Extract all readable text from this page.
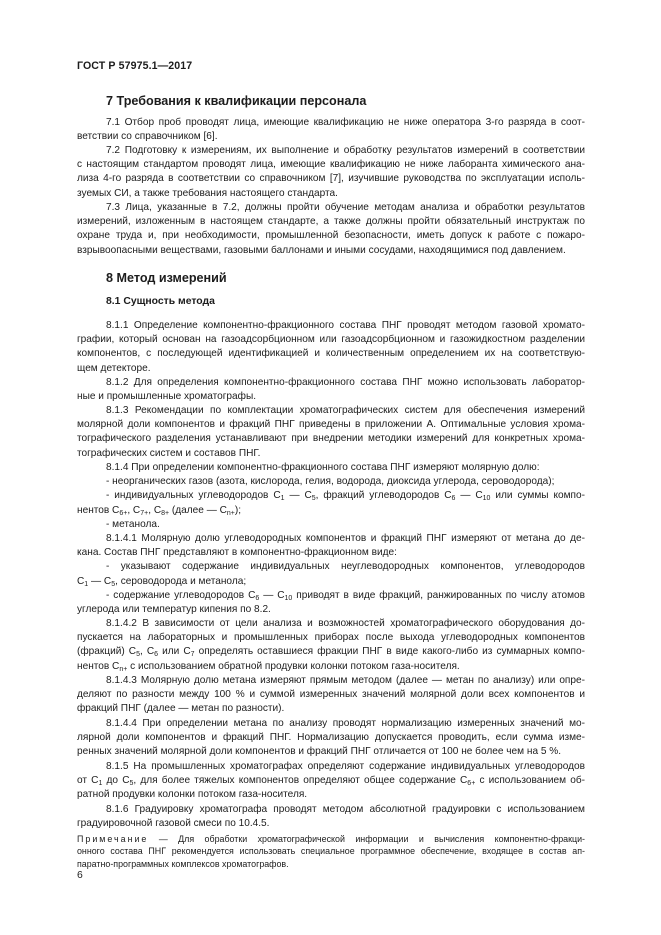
ГОСТ Р 57975.1—2017
7 Требования к квалификации персонала
7.1 Отбор проб проводят лица, имеющие квалификацию не ниже оператора 3-го разряда в соот-
ветствии со справочником [6].
7.2 Подготовку к измерениям, их выполнение и обработку результатов измерений в соответствии
с настоящим стандартом проводят лица, имеющие квалификацию не ниже лаборанта химического ана-
лиза 4-го разряда в соответствии со справочником [7], изучившие руководства по эксплуатации исполь-
зуемых СИ, а также требования настоящего стандарта.
7.3 Лица, указанные в 7.2, должны пройти обучение методам анализа и обработки результатов
измерений, изложенным в настоящем стандарте, а также должны пройти обязательный инструктаж по
охране труда и, при необходимости, промышленной безопасности, иметь допуск к работе с пожаро-
взрывоопасными веществами, газовыми баллонами и иными сосудами, находящимися под давлением.
8 Метод измерений
8.1 Сущность метода
8.1.1 Определение компонентно-фракционного состава ПНГ проводят методом газовой хромато-
графии, который основан на газоадсорбционном или газоадсорбционном и газожидкостном разделении
компонентов, с последующей идентификацией и количественным определением их на соответствую-
щем детекторе.
8.1.2 Для определения компонентно-фракционного состава ПНГ можно использовать лаборатор-
ные и промышленные хроматографы.
8.1.3 Рекомендации по комплектации хроматографических систем для обеспечения измерений
молярной доли компонентов и фракций ПНГ приведены в приложении А. Оптимальные условия хрома-
тографического разделения устанавливают при внедрении методики измерений для конкретных хрома-
тографических систем и составов ПНГ.
8.1.4 При определении компонентно-фракционного состава ПНГ измеряют молярную долю:
- неорганических газов (азота, кислорода, гелия, водорода, диоксида углерода, сероводорода);
- индивидуальных углеводородов $C_1$ — $C_5$, фракций углеводородов $C_6$ — $C_{10}$ или суммы компо-
нентов $C_{6+}$, $C_{7+}$, $C_{8+}$ (далее — $C_{n+}$);
- метанола.
8.1.4.1 Молярную долю углеводородных компонентов и фракций ПНГ измеряют от метана до де-
кана. Состав ПНГ представляют в компонентно-фракционном виде:
- указывают содержание индивидуальных неуглеводородных компонентов, углеводородов
$C_1$ — $C_5$, сероводорода и метанола;
- содержание углеводородов $C_6$ — $C_{10}$ приводят в виде фракций, ранжированных по числу атомов
углерода или температур кипения по 8.2.
8.1.4.2 В зависимости от цели анализа и возможностей хроматографического оборудования до-
пускается на лабораторных и промышленных приборах после выхода углеводородных компонентов
(фракций) $C_5$, $C_6$ или $C_7$ определять оставшиеся фракции ПНГ в виде какого-либо из суммарных компо-
нентов $C_{n+}$ с использованием обратной продувки колонки потоком газа-носителя.
8.1.4.3 Молярную долю метана измеряют прямым методом (далее — метан по анализу) или опре-
деляют по разности между 100 % и суммой измеренных значений молярной доли всех компонентов и
фракций ПНГ (далее — метан по разности).
8.1.4.4 При определении метана по анализу проводят нормализацию измеренных значений мо-
лярной доли компонентов и фракций ПНГ. Нормализацию допускается проводить, если сумма изме-
ренных значений молярной доли компонентов и фракций ПНГ отличается от 100 не более чем на 5 %.
8.1.5 На промышленных хроматографах определяют содержание индивидуальных углеводородов
от $C_1$ до $C_5$, для более тяжелых компонентов определяют общее содержание $C_{6+}$ с использованием об-
ратной продувки колонки потоком газа-носителя.
8.1.6 Градуировку хроматографа проводят методом абсолютной градуировки с использованием
градуировочной газовой смеси по 10.4.5.
Примечание — Для обработки хроматографической информации и вычисления компонентно-фракци-
онного состава ПНГ рекомендуется использовать специальное программное обеспечение, входящее в состав ап-
паратно-программных комплексов хроматографов.
6
